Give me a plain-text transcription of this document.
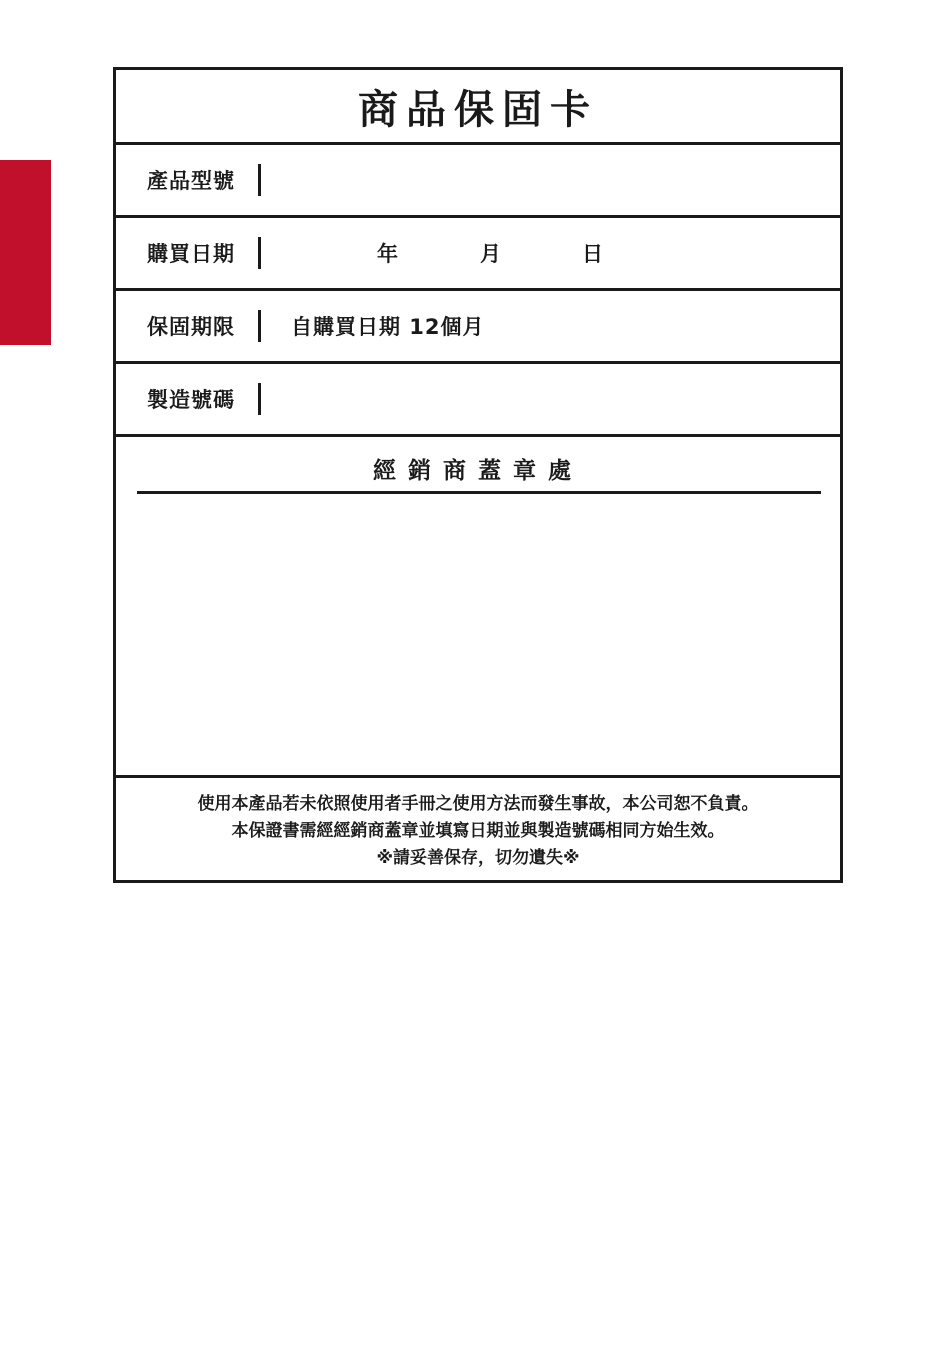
商品保固卡
產品型號
購買日期	年	月	日
保固期限	自購買日期 12個月
製造號碼
經銷商蓋章處
使用本產品若未依照使用者手冊之使用方法而發生事故，本公司恕不負責。
本保證書需經經銷商蓋章並填寫日期並與製造號碼相同方始生效。
※請妥善保存，切勿遺失※
